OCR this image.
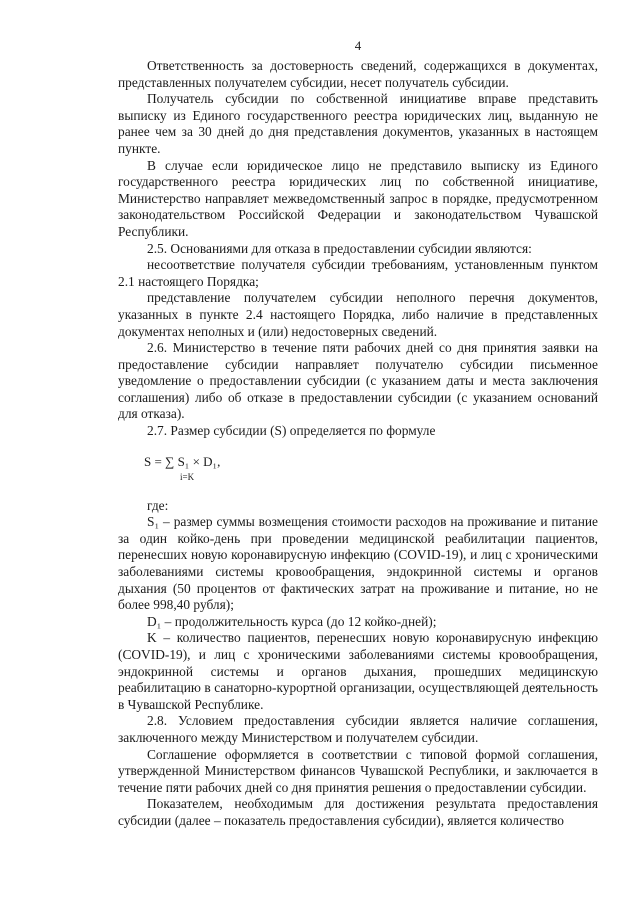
4

Ответственность за достоверность сведений, содержащихся в документах, представленных получателем субсидии, несет получатель субсидии.

Получатель субсидии по собственной инициативе вправе представить выписку из Единого государственного реестра юридических лиц, выданную не ранее чем за 30 дней до дня представления документов, указанных в настоящем пункте.

В случае если юридическое лицо не представило выписку из Единого государственного реестра юридических лиц по собственной инициативе, Министерство направляет межведомственный запрос в порядке, предусмотренном законодательством Российской Федерации и законодательством Чувашской Республики.

2.5. Основаниями для отказа в предоставлении субсидии являются:

несоответствие получателя субсидии требованиям, установленным пунктом 2.1 настоящего Порядка;

представление получателем субсидии неполного перечня документов, указанных в пункте 2.4 настоящего Порядка, либо наличие в представленных документах неполных и (или) недостоверных сведений.

2.6. Министерство в течение пяти рабочих дней со дня принятия заявки на предоставление субсидии направляет получателю субсидии письменное уведомление о предоставлении субсидии (с указанием даты и места заключения соглашения) либо об отказе в предоставлении субсидии (с указанием оснований для отказа).

2.7. Размер субсидии (S) определяется по формуле

S = ∑ S₁ × D₁,
i=K

где:

S₁ – размер суммы возмещения стоимости расходов на проживание и питание за один койко-день при проведении медицинской реабилитации пациентов, перенесших новую коронавирусную инфекцию (COVID-19), и лиц с хроническими заболеваниями системы кровообращения, эндокринной системы и органов дыхания (50 процентов от фактических затрат на проживание и питание, но не более 998,40 рубля);

D₁ – продолжительность курса (до 12 койко-дней);

K – количество пациентов, перенесших новую коронавирусную инфекцию (COVID-19), и лиц с хроническими заболеваниями системы кровообращения, эндокринной системы и органов дыхания, прошедших медицинскую реабилитацию в санаторно-курортной организации, осуществляющей деятельность в Чувашской Республике.

2.8. Условием предоставления субсидии является наличие соглашения, заключенного между Министерством и получателем субсидии.

Соглашение оформляется в соответствии с типовой формой соглашения, утвержденной Министерством финансов Чувашской Республики, и заключается в течение пяти рабочих дней со дня принятия решения о предоставлении субсидии.

Показателем, необходимым для достижения результата предоставления субсидии (далее – показатель предоставления субсидии), является количество
